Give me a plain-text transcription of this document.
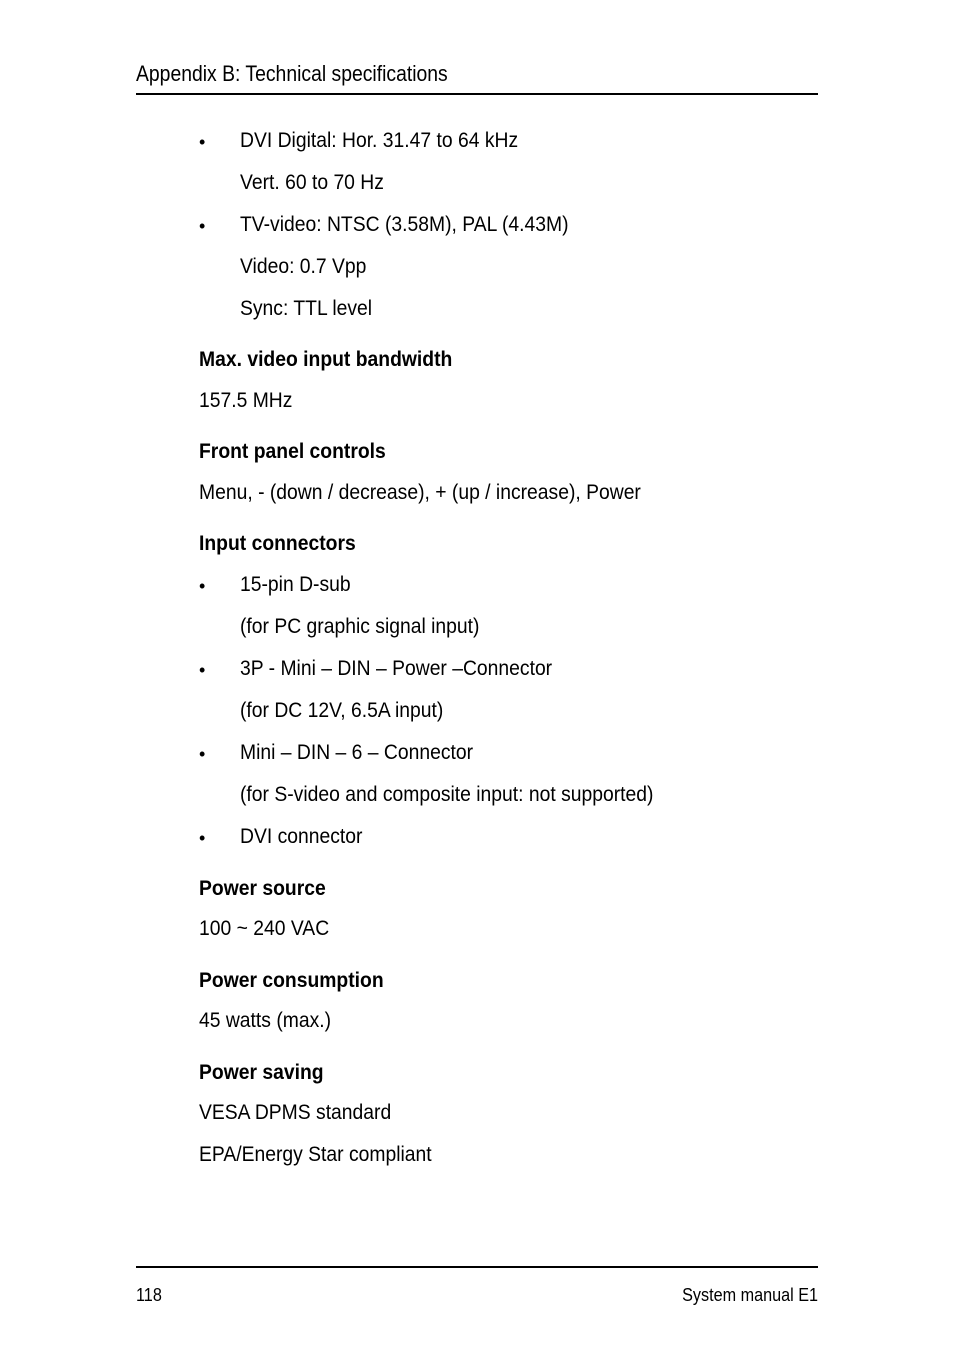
Appendix B: Technical specifications
• DVI Digital: Hor. 31.47 to 64 kHz
Vert. 60 to 70 Hz
• TV-video: NTSC (3.58M), PAL (4.43M)
Video: 0.7 Vpp
Sync: TTL level
Max. video input bandwidth
157.5 MHz
Front panel controls
Menu, - (down / decrease), + (up / increase), Power
Input connectors
• 15-pin D-sub
(for PC graphic signal input)
• 3P - Mini – DIN – Power –Connector
(for DC 12V, 6.5A input)
• Mini – DIN – 6 – Connector
(for S-video and composite input: not supported)
• DVI connector
Power source
100 ~ 240 VAC
Power consumption
45 watts (max.)
Power saving
VESA DPMS standard
EPA/Energy Star compliant
118	System manual E1
